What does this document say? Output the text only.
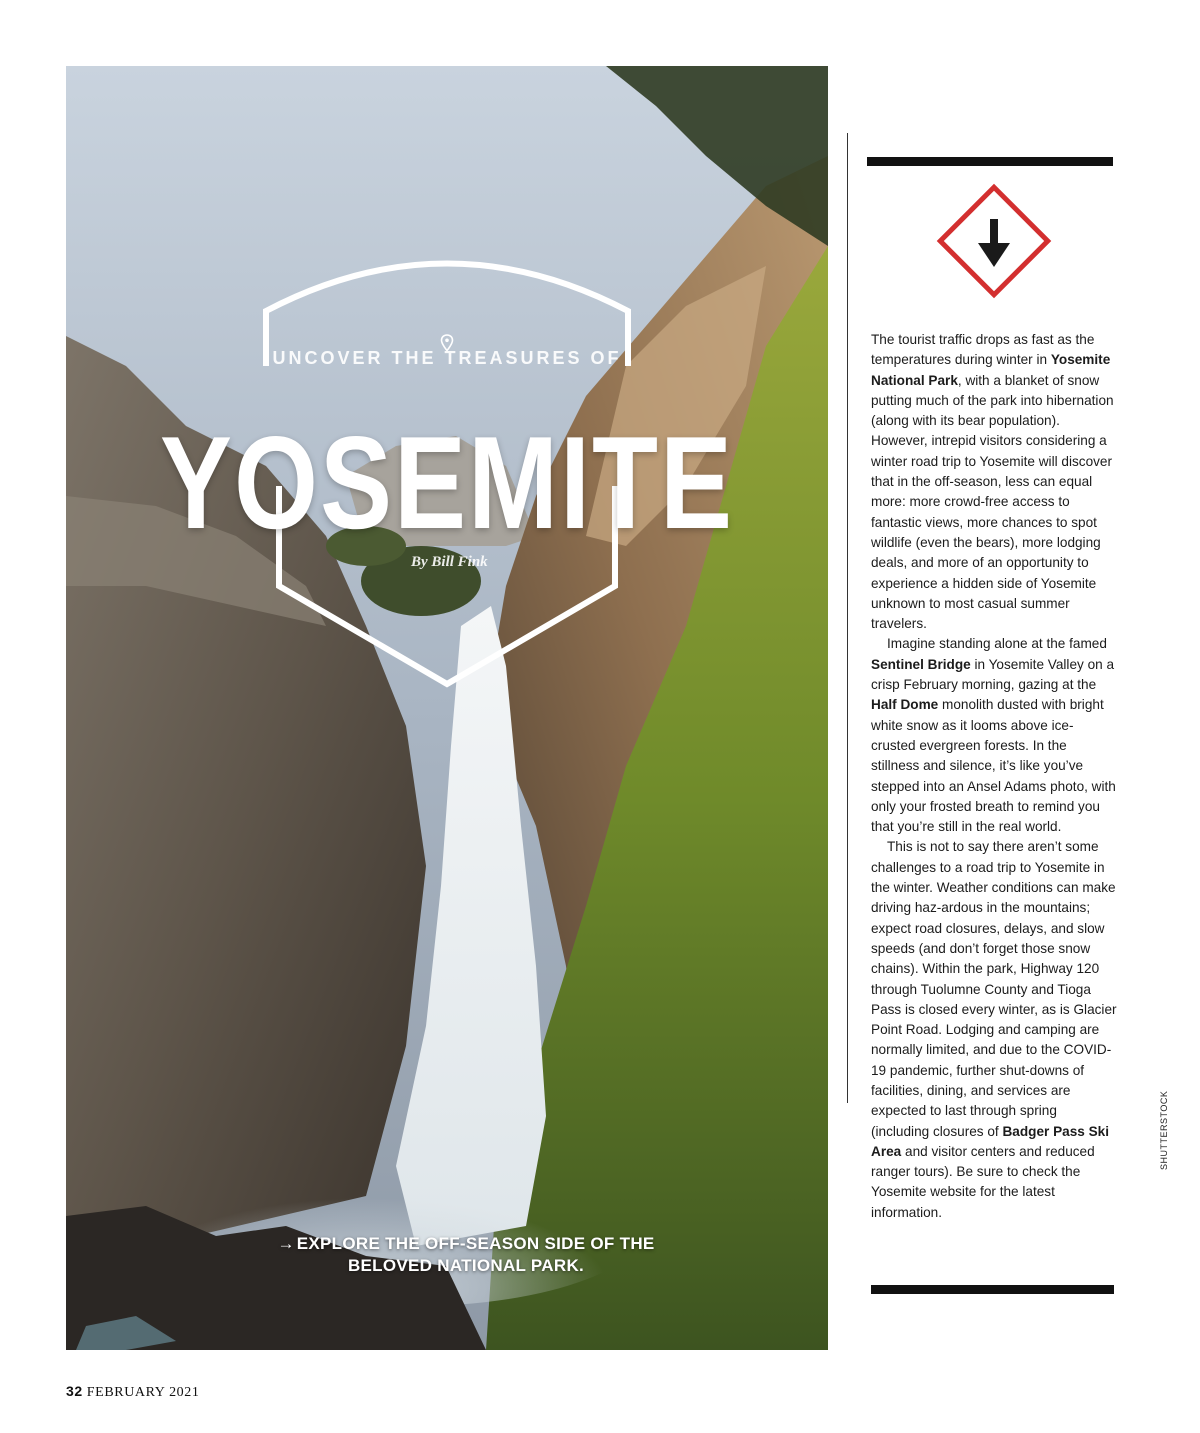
UNCOVER THE TREASURES OF
YOSEMITE
By Bill Fink
→ EXPLORE THE OFF-SEASON SIDE OF THE BELOVED NATIONAL PARK.

The tourist traffic drops as fast as the temperatures during winter in Yosemite National Park, with a blanket of snow putting much of the park into hibernation (along with its bear population). However, intrepid visitors considering a winter road trip to Yosemite will discover that in the off-season, less can equal more: more crowd-free access to fantastic views, more chances to spot wildlife (even the bears), more lodging deals, and more of an opportunity to experience a hidden side of Yosemite unknown to most casual summer travelers.

Imagine standing alone at the famed Sentinel Bridge in Yosemite Valley on a crisp February morning, gazing at the Half Dome monolith dusted with bright white snow as it looms above ice-crusted evergreen forests. In the stillness and silence, it’s like you’ve stepped into an Ansel Adams photo, with only your frosted breath to remind you that you’re still in the real world.

This is not to say there aren’t some challenges to a road trip to Yosemite in the winter. Weather conditions can make driving haz-ardous in the mountains; expect road closures, delays, and slow speeds (and don’t forget those snow chains). Within the park, Highway 120 through Tuolumne County and Tioga Pass is closed every winter, as is Glacier Point Road. Lodging and camping are normally limited, and due to the COVID-19 pandemic, further shut-downs of facilities, dining, and services are expected to last through spring (including closures of Badger Pass Ski Area and visitor centers and reduced ranger tours). Be sure to check the Yosemite website for the latest information.

SHUTTERSTOCK
32 FEBRUARY 2021
